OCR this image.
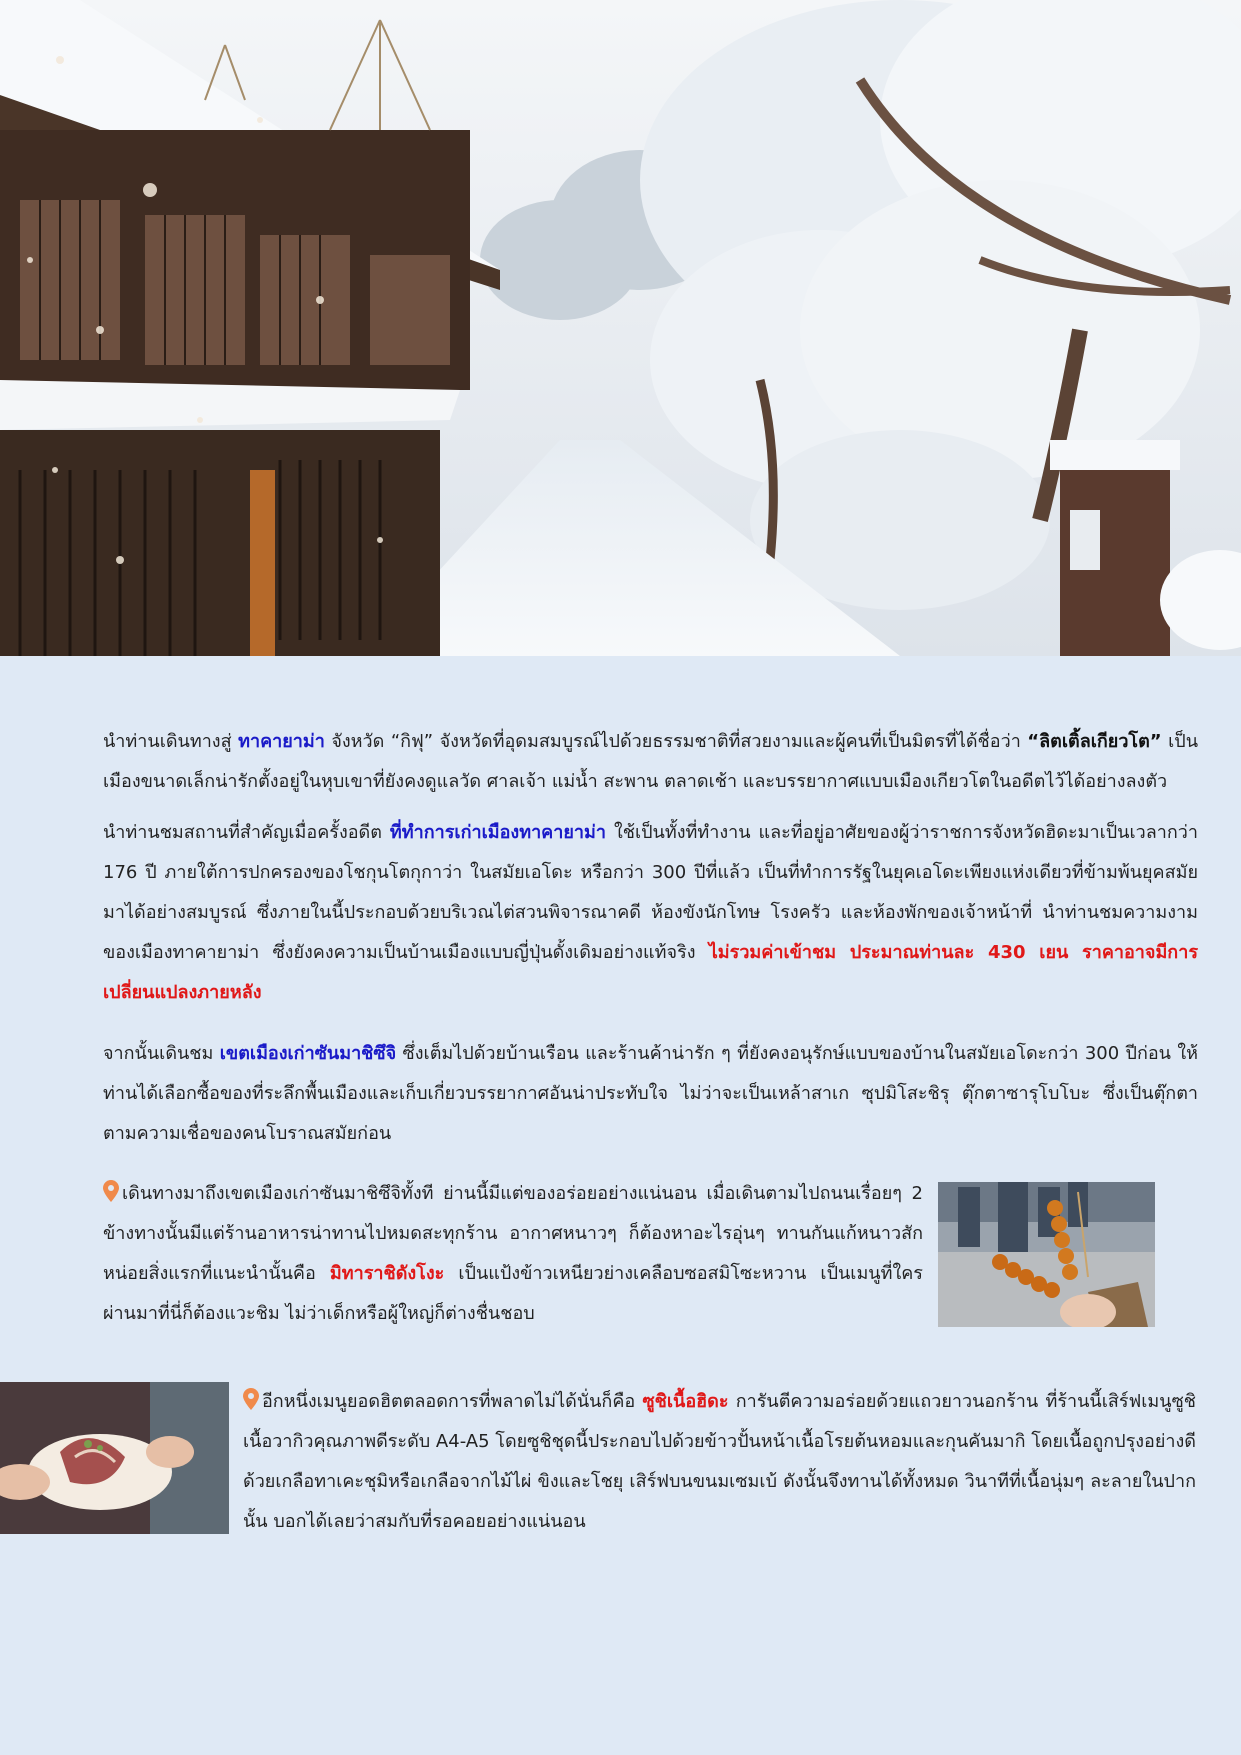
นำท่านเดินทางสู่ ทาคายาม่า จังหวัด “กิฟุ” จังหวัดที่อุดมสมบูรณ์ไปด้วยธรรมชาติที่สวยงามและผู้คนที่เป็นมิตรที่ได้ชื่อว่า “ลิตเติ้ลเกียวโต” เป็นเมืองขนาดเล็กน่ารักตั้งอยู่ในหุบเขาที่ยังคงดูแลวัด ศาลเจ้า แม่น้ำ สะพาน ตลาดเช้า และบรรยากาศแบบเมืองเกียวโตในอดีตไว้ได้อย่างลงตัว

นำท่านชมสถานที่สำคัญเมื่อครั้งอดีต ที่ทำการเก่าเมืองทาคายาม่า ใช้เป็นทั้งที่ทำงาน และที่อยู่อาศัยของผู้ว่าราชการจังหวัดฮิดะมาเป็นเวลากว่า 176 ปี ภายใต้การปกครองของโชกุนโตกุกาว่า ในสมัยเอโดะ หรือกว่า 300 ปีที่แล้ว เป็นที่ทำการรัฐในยุคเอโดะเพียงแห่งเดียวที่ข้ามพ้นยุคสมัยมาได้อย่างสมบูรณ์ ซึ่งภายในนี้ประกอบด้วยบริเวณไต่สวนพิจารณาคดี ห้องขังนักโทษ โรงครัว และห้องพักของเจ้าหน้าที่ นำท่านชมความงามของเมืองทาคายาม่า ซึ่งยังคงความเป็นบ้านเมืองแบบญี่ปุ่นดั้งเดิมอย่างแท้จริง ไม่รวมค่าเข้าชม ประมาณท่านละ 430 เยน ราคาอาจมีการเปลี่ยนแปลงภายหลัง

จากนั้นเดินชม เขตเมืองเก่าซันมาชิซึจิ ซึ่งเต็มไปด้วยบ้านเรือน และร้านค้าน่ารัก ๆ ที่ยังคงอนุรักษ์แบบของบ้านในสมัยเอโดะกว่า 300 ปีก่อน ให้ท่านได้เลือกซื้อของที่ระลึกพื้นเมืองและเก็บเกี่ยวบรรยากาศอันน่าประทับใจ ไม่ว่าจะเป็นเหล้าสาเก ซุปมิโสะชิรุ ตุ๊กตาซารุโบโบะ ซึ่งเป็นตุ๊กตาตามความเชื่อของคนโบราณสมัยก่อน

เดินทางมาถึงเขตเมืองเก่าซันมาชิซึจิทั้งที ย่านนี้มีแต่ของอร่อยอย่างแน่นอน เมื่อเดินตามไปถนนเรื่อยๆ 2 ข้างทางนั้นมีแต่ร้านอาหารน่าทานไปหมดสะทุกร้าน อากาศหนาวๆ ก็ต้องหาอะไรอุ่นๆ ทานกันแก้หนาวสักหน่อยสิ่งแรกที่แนะนำนั้นคือ มิทาราชิดังโงะ เป็นแป้งข้าวเหนียวย่างเคลือบซอสมิโซะหวาน เป็นเมนูที่ใครผ่านมาที่นี่ก็ต้องแวะชิม ไม่ว่าเด็กหรือผู้ใหญ่ก็ต่างชื่นชอบ

อีกหนึ่งเมนูยอดฮิตตลอดการที่พลาดไม่ได้นั่นก็คือ ซูชิเนื้อฮิดะ การันตีความอร่อยด้วยแถวยาวนอกร้าน ที่ร้านนี้เสิร์ฟเมนูซูชิเนื้อวากิวคุณภาพดีระดับ A4-A5 โดยซูชิชุดนี้ประกอบไปด้วยข้าวปั้นหน้าเนื้อโรยต้นหอมและกุนคันมากิ โดยเนื้อถูกปรุงอย่างดีด้วยเกลือทาเคะชุมิหรือเกลือจากไม้ไผ่ ขิงและโชยุ เสิร์ฟบนขนมเซมเบ้ ดังนั้นจึงทานได้ทั้งหมด วินาทีที่เนื้อนุ่มๆ ละลายในปากนั้น บอกได้เลยว่าสมกับที่รอคอยอย่างแน่นอน
